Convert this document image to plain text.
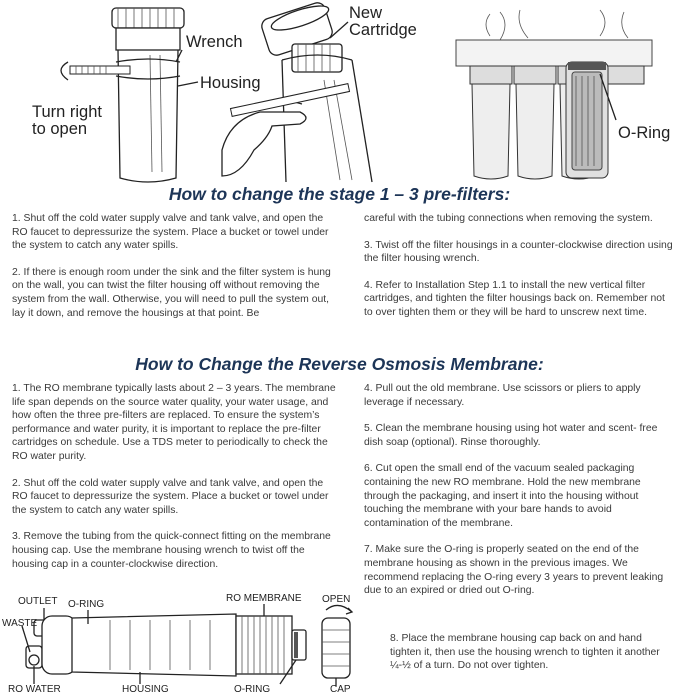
Wrench
Housing
Turn right
to open
New
Cartridge
O-Ring
How to change the stage 1 – 3 pre-filters:

1. Shut off the cold water supply valve and tank valve, and open the RO faucet to depressurize the system. Place a bucket or towel under the system to catch any water spills.

2. If there is enough room under the sink and the filter system is hung on the wall, you can twist the filter housing off without removing the system from the wall. Otherwise, you will need to pull the system out, lay it down, and remove the housings at that point. Be

careful with the tubing connections when removing the system.

3. Twist off the filter housings in a counter-clockwise direction using the filter housing wrench.

4. Refer to Installation Step 1.1 to install the new vertical filter cartridges, and tighten the filter housings back on. Remember not to over tighten them or they will be hard to unscrew next time.

How to Change the Reverse Osmosis Membrane:

1. The RO membrane typically lasts about 2 – 3 years. The membrane life span depends on the source water quality, your water usage, and how often the three pre-filters are replaced. To ensure the system’s performance and water purity, it is important to replace the pre-filter cartridges on schedule. Use a TDS meter to periodically to check the RO water purity.

2. Shut off the cold water supply valve and tank valve, and open the RO faucet to depressurize the system. Place a bucket or towel under the system to catch any water spills.

3. Remove the tubing from the quick-connect fitting on the membrane housing cap. Use the membrane housing wrench to twist off the housing cap in a counter-clockwise direction.

4. Pull out the old membrane. Use scissors or pliers to apply leverage if necessary.

5. Clean the membrane housing using hot water and scent- free dish soap (optional). Rinse thoroughly.

6. Cut open the small end of the vacuum sealed packaging containing the new RO membrane. Hold the new membrane through the packaging, and insert it into the housing without touching the membrane with your bare hands to avoid contamination of the membrane.

7. Make sure the O-ring is properly seated on the end of the membrane housing as shown in the previous images. We recommend replacing the O-ring every 3 years to prevent leaking due to an expired or dried out O-ring.

8. Place the membrane housing cap back on and hand tighten it, then use the housing wrench to tighten it another ¼-½ of a turn. Do not over tighten.
OUTLET O-RING
RO MEMBRANE OPEN
WASTE
RO WATER	HOUSING	O-RING	CAP
